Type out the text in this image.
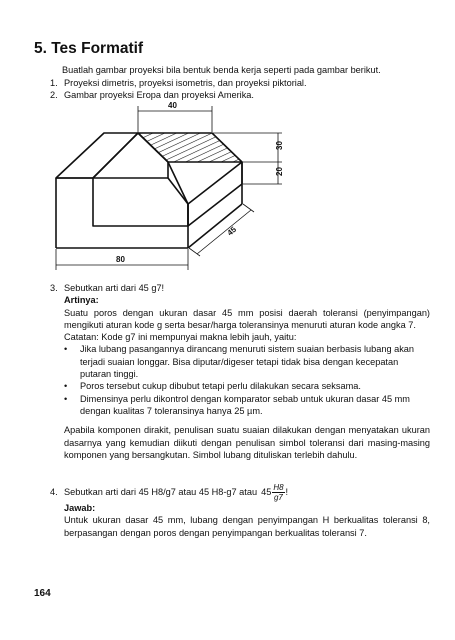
5. Tes Formatif
Buatlah gambar proyeksi bila bentuk benda kerja seperti pada gambar berikut.
1. Proyeksi dimetris, proyeksi isometris, dan proyeksi piktorial.
2. Gambar proyeksi Eropa dan proyeksi Amerika.
40
30
20
45
80
3. Sebutkan arti dari 45 g7!
Artinya:
Suatu poros dengan ukuran dasar 45 mm posisi daerah toleransi (penyimpangan) mengikuti aturan kode g serta besar/harga toleransinya menuruti aturan kode angka 7.
Catatan: Kode g7 ini mempunyai makna lebih jauh, yaitu:
•	Jika lubang pasangannya dirancang menuruti sistem suaian berbasis lubang akan terjadi suaian longgar. Bisa diputar/digeser tetapi tidak bisa dengan kecepatan putaran tinggi.
•	Poros tersebut cukup dibubut tetapi perlu dilakukan secara seksama.
•	Dimensinya perlu dikontrol dengan komparator sebab untuk ukuran dasar 45 mm dengan kualitas 7 toleransinya hanya 25 µm.
Apabila komponen dirakit, penulisan suatu suaian dilakukan dengan menyatakan ukuran dasarnya yang kemudian diikuti dengan penulisan simbol toleransi dari masing-masing komponen yang bersangkutan. Simbol lubang dituliskan terlebih dahulu.
4. Sebutkan arti dari 45 H8/g7 atau 45 H8-g7 atau $45 \frac{H8}{g7}$ !
Jawab:
Untuk ukuran dasar 45 mm, lubang dengan penyimpangan H berkualitas toleransi 8, berpasangan dengan poros dengan penyimpangan berkualitas toleransi 7.
164
